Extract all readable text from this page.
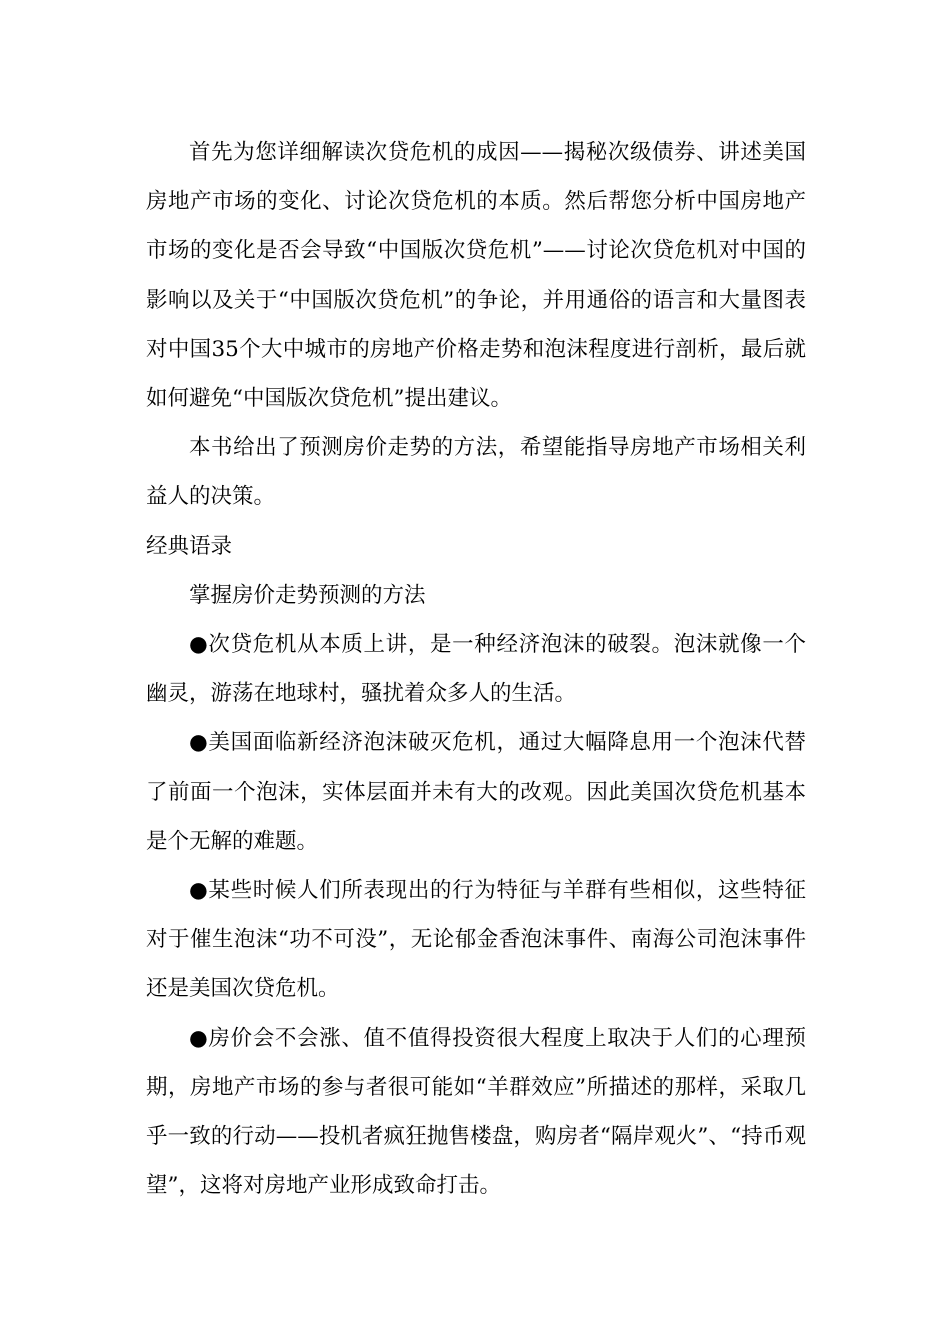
首先为您详细解读次贷危机的成因——揭秘次级债券、讲述美国房地产市场的变化、讨论次贷危机的本质。然后帮您分析中国房地产市场的变化是否会导致“中国版次贷危机”——讨论次贷危机对中国的影响以及关于“中国版次贷危机”的争论，并用通俗的语言和大量图表对中国35个大中城市的房地产价格走势和泡沫程度进行剖析，最后就如何避免“中国版次贷危机”提出建议。

本书给出了预测房价走势的方法，希望能指导房地产市场相关利益人的决策。

经典语录

掌握房价走势预测的方法

●次贷危机从本质上讲，是一种经济泡沫的破裂。泡沫就像一个幽灵，游荡在地球村，骚扰着众多人的生活。

●美国面临新经济泡沫破灭危机，通过大幅降息用一个泡沫代替了前面一个泡沫，实体层面并未有大的改观。因此美国次贷危机基本是个无解的难题。

●某些时候人们所表现出的行为特征与羊群有些相似，这些特征对于催生泡沫“功不可没”，无论郁金香泡沫事件、南海公司泡沫事件还是美国次贷危机。

●房价会不会涨、值不值得投资很大程度上取决于人们的心理预期，房地产市场的参与者很可能如“羊群效应”所描述的那样，采取几乎一致的行动——投机者疯狂抛售楼盘，购房者“隔岸观火”、“持币观望”，这将对房地产业形成致命打击。
